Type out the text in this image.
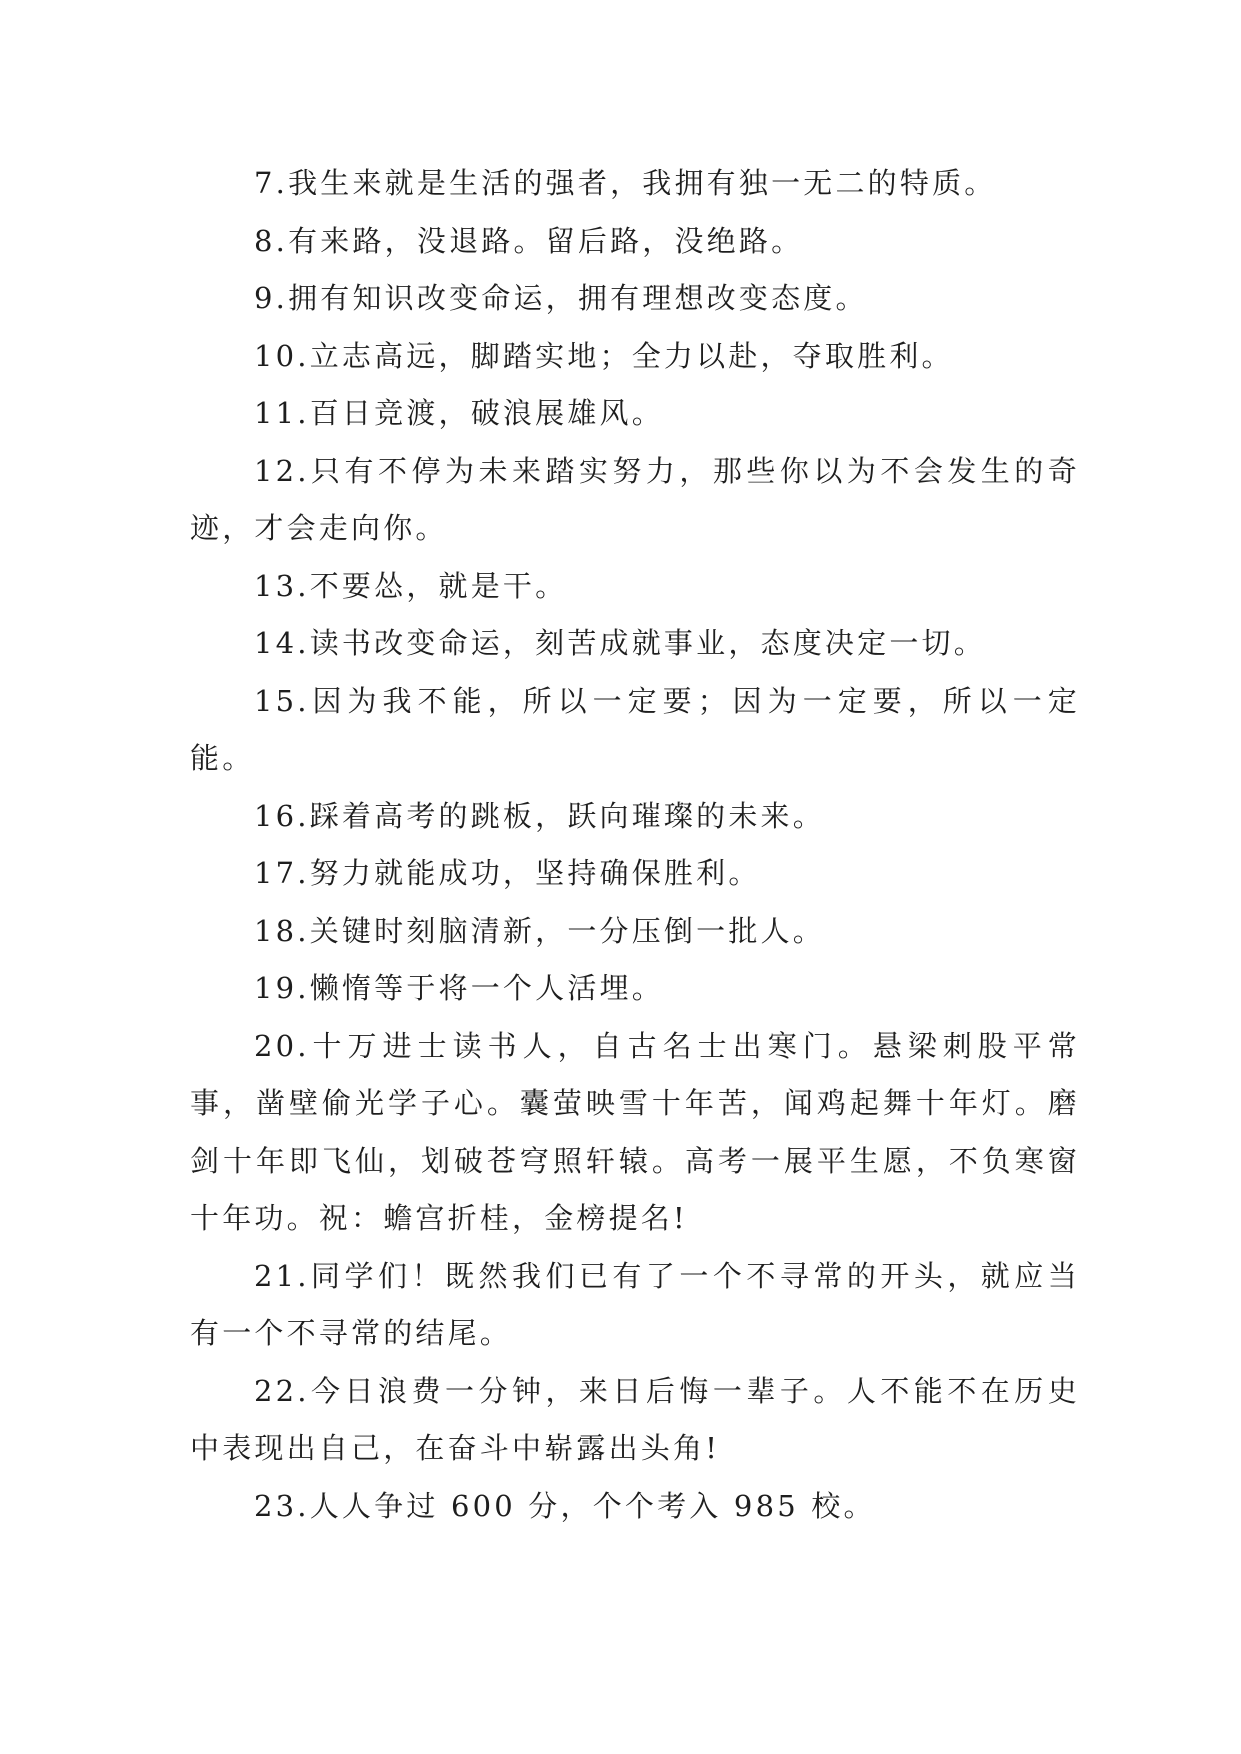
7.我生来就是生活的强者，我拥有独一无二的特质。

8.有来路，没退路。留后路，没绝路。

9.拥有知识改变命运，拥有理想改变态度。

10.立志高远，脚踏实地；全力以赴，夺取胜利。

11.百日竞渡，破浪展雄风。

12.只有不停为未来踏实努力，那些你以为不会发生的奇迹，才会走向你。

13.不要怂，就是干。

14.读书改变命运，刻苦成就事业，态度决定一切。

15.因为我不能，所以一定要；因为一定要，所以一定能。

16.踩着高考的跳板，跃向璀璨的未来。

17.努力就能成功，坚持确保胜利。

18.关键时刻脑清新，一分压倒一批人。

19.懒惰等于将一个人活埋。

20.十万进士读书人，自古名士出寒门。悬梁刺股平常事，凿壁偷光学子心。囊萤映雪十年苦，闻鸡起舞十年灯。磨剑十年即飞仙，划破苍穹照轩辕。高考一展平生愿，不负寒窗十年功。祝：蟾宫折桂，金榜提名!

21.同学们！既然我们已有了一个不寻常的开头，就应当有一个不寻常的结尾。

22.今日浪费一分钟，来日后悔一辈子。人不能不在历史中表现出自己，在奋斗中崭露出头角!

23.人人争过 600 分，个个考入 985 校。
